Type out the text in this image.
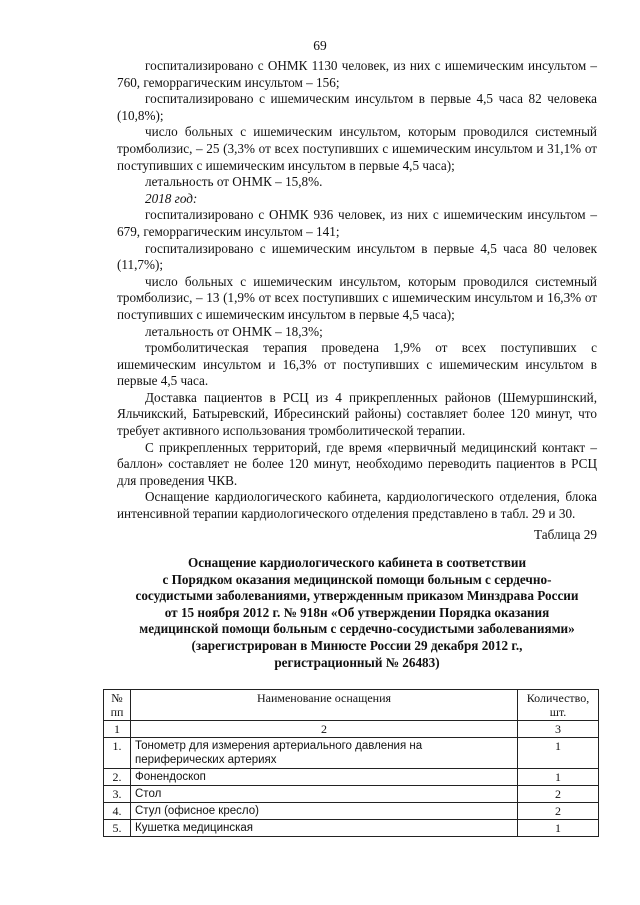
69

госпитализировано с ОНМК 1130 человек, из них с ишемическим инсультом – 760, геморрагическим инсультом – 156;

госпитализировано с ишемическим инсультом в первые 4,5 часа 82 человека (10,8%);

число больных с ишемическим инсультом, которым проводился системный тромболизис, – 25 (3,3% от всех поступивших с ишемическим инсультом и 31,1% от поступивших с ишемическим инсультом в первые 4,5 часа);

летальность от ОНМК – 15,8%.

2018 год:

госпитализировано с ОНМК 936 человек, из них с ишемическим инсультом – 679, геморрагическим инсультом – 141;

госпитализировано с ишемическим инсультом в первые 4,5 часа 80 человек (11,7%);

число больных с ишемическим инсультом, которым проводился системный тромболизис, – 13 (1,9% от всех поступивших с ишемическим инсультом и 16,3% от поступивших с ишемическим инсультом в первые 4,5 часа);

летальность от ОНМК – 18,3%;

тромболитическая терапия проведена 1,9% от всех поступивших с ишемическим инсультом и 16,3% от поступивших с ишемическим инсультом в первые 4,5 часа.

Доставка пациентов в РСЦ из 4 прикрепленных районов (Шемуршинский, Яльчикский, Батыревский, Ибресинский районы) составляет более 120 минут, что требует активного использования тромболитической терапии.

С прикрепленных территорий, где время «первичный медицинский контакт – баллон» составляет не более 120 минут, необходимо переводить пациентов в РСЦ для проведения ЧКВ.

Оснащение кардиологического кабинета, кардиологического отделения, блока интенсивной терапии кардиологического отделения представлено в табл. 29 и 30.

Таблица 29
Оснащение кардиологического кабинета в соответствии
с Порядком оказания медицинской помощи больным с сердечно-
сосудистыми заболеваниями, утвержденным приказом Минздрава России
от 15 ноября 2012 г. № 918н «Об утверждении Порядка оказания
медицинской помощи больным с сердечно-сосудистыми заболеваниями»
(зарегистрирован в Минюсте России 29 декабря 2012 г.,
регистрационный № 26483)
№
пп	Наименование оснащения	Количество,
шт.
1	2	3
1.	Тонометр для измерения артериального давления на периферических артериях	1
2.	Фонендоскоп	1
3.	Стол	2
4.	Стул (офисное кресло)	2
5.	Кушетка медицинская	1
